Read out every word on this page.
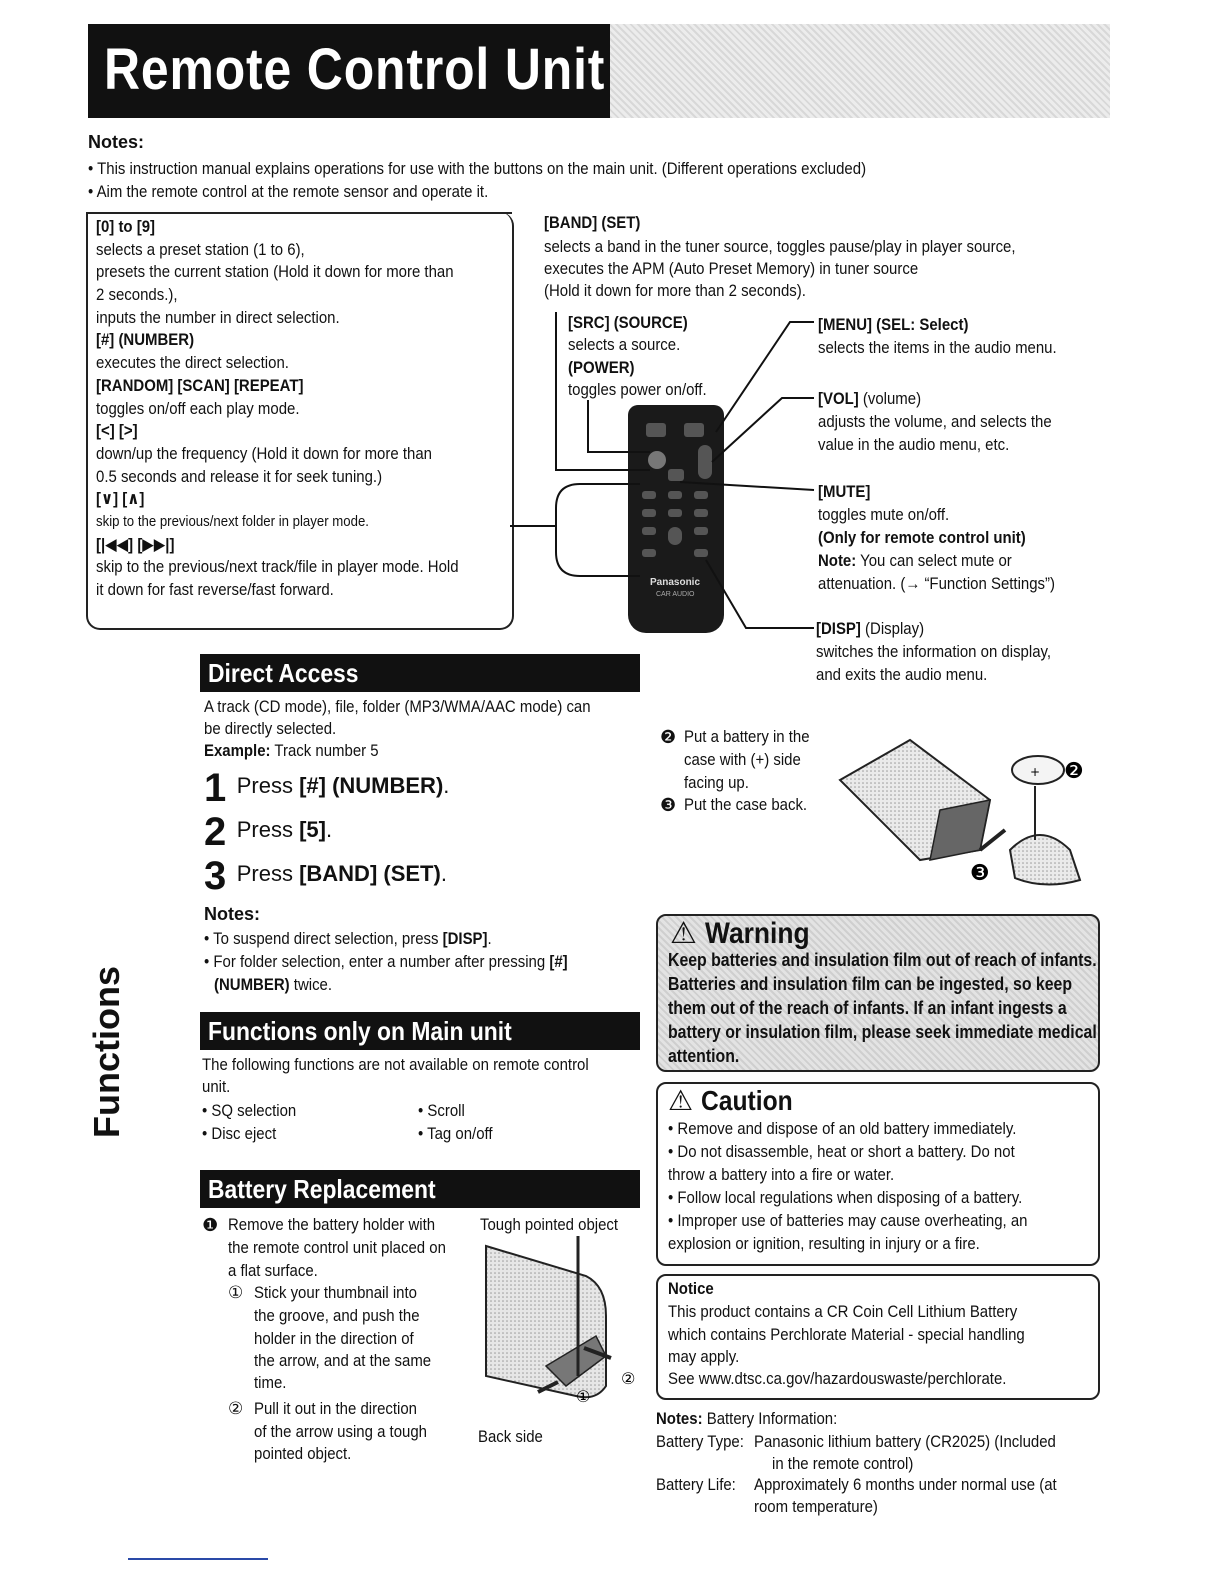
Remote Control Unit
Notes:
• This instruction manual explains operations for use with the buttons on the main unit. (Different operations excluded)
• Aim the remote control at the remote sensor and operate it.
[0] to [9]
selects a preset station (1 to 6),
presets the current station (Hold it down for more than
2 seconds.),
inputs the number in direct selection.
[#] (NUMBER)
executes the direct selection.
[RANDOM] [SCAN] [REPEAT]
toggles on/off each play mode.
[<] [>]
down/up the frequency (Hold it down for more than
0.5 seconds and release it for seek tuning.)
[∨] [∧]
skip to the previous/next folder in player mode.
[|◀◀] [▶▶|]
skip to the previous/next track/file in player mode. Hold
it down for fast reverse/fast forward.
[BAND] (SET)
selects a band in the tuner source, toggles pause/play in player source,
executes the APM (Auto Preset Memory) in tuner source
(Hold it down for more than 2 seconds).
[SRC] (SOURCE)
selects a source.
(POWER)
toggles power on/off.
[MENU] (SEL: Select)
selects the items in the audio menu.
[VOL] (volume)
adjusts the volume, and selects the
value in the audio menu, etc.
[MUTE]
toggles mute on/off.
(Only for remote control unit)
Note: You can select mute or
attenuation. (→ “Function Settings”)
[DISP] (Display)
switches the information on display,
and exits the audio menu.
Panasonic
CAR AUDIO
Direct Access
A track (CD mode), file, folder (MP3/WMA/AAC mode) can
be directly selected.
Example: Track number 5
1 Press [#] (NUMBER).
2 Press [5].
3 Press [BAND] (SET).
Notes:
• To suspend direct selection, press [DISP].
• For folder selection, enter a number after pressing [#]
(NUMBER) twice.
Functions only on Main unit
The following functions are not available on remote control
unit.
• SQ selection
• Disc eject
• Scroll
• Tag on/off
Battery Replacement
❶ Remove the battery holder with
the remote control unit placed on
a flat surface.
① Stick your thumbnail into
the groove, and push the
holder in the direction of
the arrow, and at the same
time.
② Pull it out in the direction
of the arrow using a tough
pointed object.
Tough pointed object
Back side
①
②
❷ Put a battery in the
case with (+) side
facing up.
❸ Put the case back.
+ ❷
❸
⚠ Warning
Keep batteries and insulation film out of reach of infants.
Batteries and insulation film can be ingested, so keep
them out of the reach of infants. If an infant ingests a
battery or insulation film, please seek immediate medical
attention.
⚠ Caution
• Remove and dispose of an old battery immediately.
• Do not disassemble, heat or short a battery. Do not
throw a battery into a fire or water.
• Follow local regulations when disposing of a battery.
• Improper use of batteries may cause overheating, an
explosion or ignition, resulting in injury or a fire.
Notice
This product contains a CR Coin Cell Lithium Battery
which contains Perchlorate Material - special handling
may apply.
See www.dtsc.ca.gov/hazardouswaste/perchlorate.
Notes: Battery Information:
Battery Type: Panasonic lithium battery (CR2025) (Included
in the remote control)
Battery Life:	Approximately 6 months under normal use (at
room temperature)
Functions
